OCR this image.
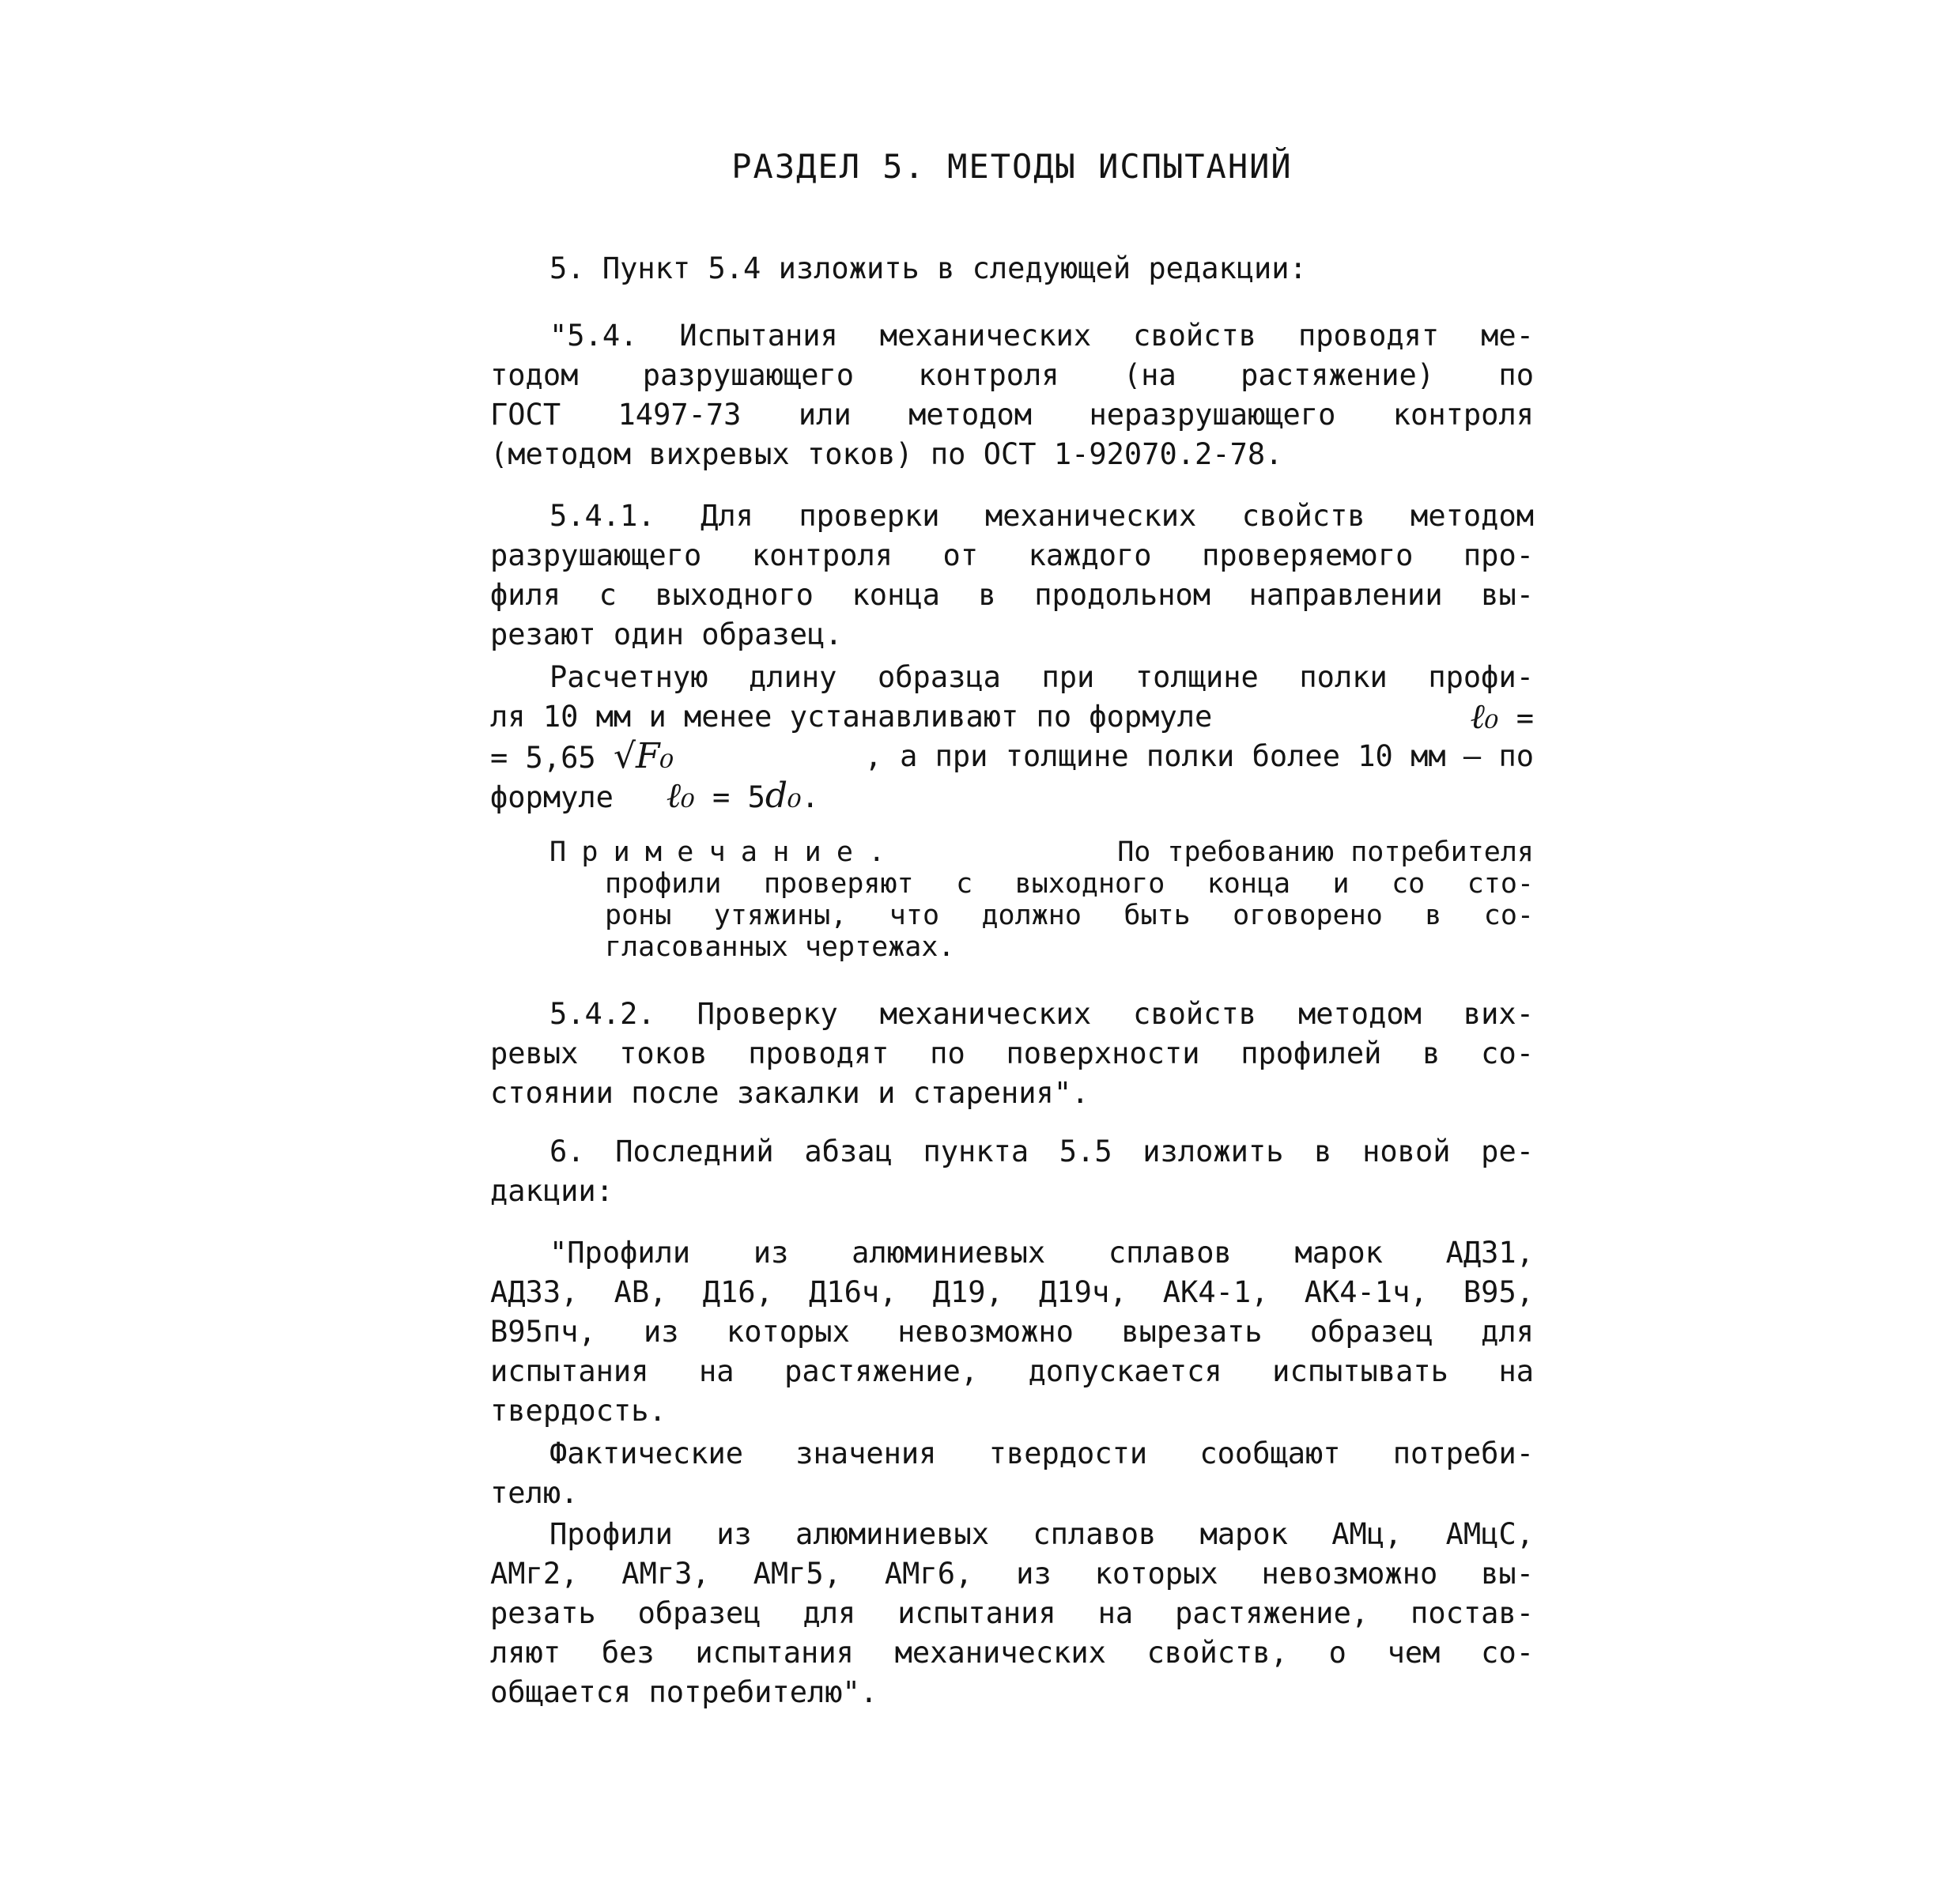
РАЗДЕЛ 5. МЕТОДЫ ИСПЫТАНИЙ

5. Пункт 5.4 изложить в следующей редакции:

"5.4. Испытания механических свойств проводят ме-
тодом разрушающего контроля (на растяжение) по
ГОСТ 1497-73 или методом неразрушающего контроля
(методом вихревых токов) по ОСТ 1-92070.2-78.

5.4.1. Для проверки механических свойств методом
разрушающего контроля от каждого проверяемого про-
филя с выходного конца в продольном направлении вы-
резают один образец.

Расчетную длину образца при толщине полки профи-
ля 10 мм и менее устанавливают по формуле	ℓ₀ =
= 5,65 √F₀	, а при толщине полки более 10 мм – по
формуле ℓ₀ = 5d₀.

Примечание.	По требованию потребителя
профили проверяют с выходного конца и со сто-
роны утяжины, что должно быть оговорено в со-
гласованных чертежах.

5.4.2. Проверку механических свойств методом вих-
ревых токов проводят по поверхности профилей в со-
стоянии после закалки и старения".

6. Последний абзац пункта 5.5 изложить в новой ре-
дакции:

"Профили из алюминиевых сплавов марок АД31,
АД33, АВ, Д16, Д16ч, Д19, Д19ч, АК4-1, АК4-1ч, В95,
В95пч, из которых невозможно вырезать образец для
испытания на растяжение, допускается испытывать на
твердость.

Фактические значения твердости сообщают потреби-
телю.

Профили из алюминиевых сплавов марок АМц, АМцС,
АМг2, АМг3, АМг5, АМг6, из которых невозможно вы-
резать образец для испытания на растяжение, постав-
ляют без испытания механических свойств, о чем со-
общается потребителю".
